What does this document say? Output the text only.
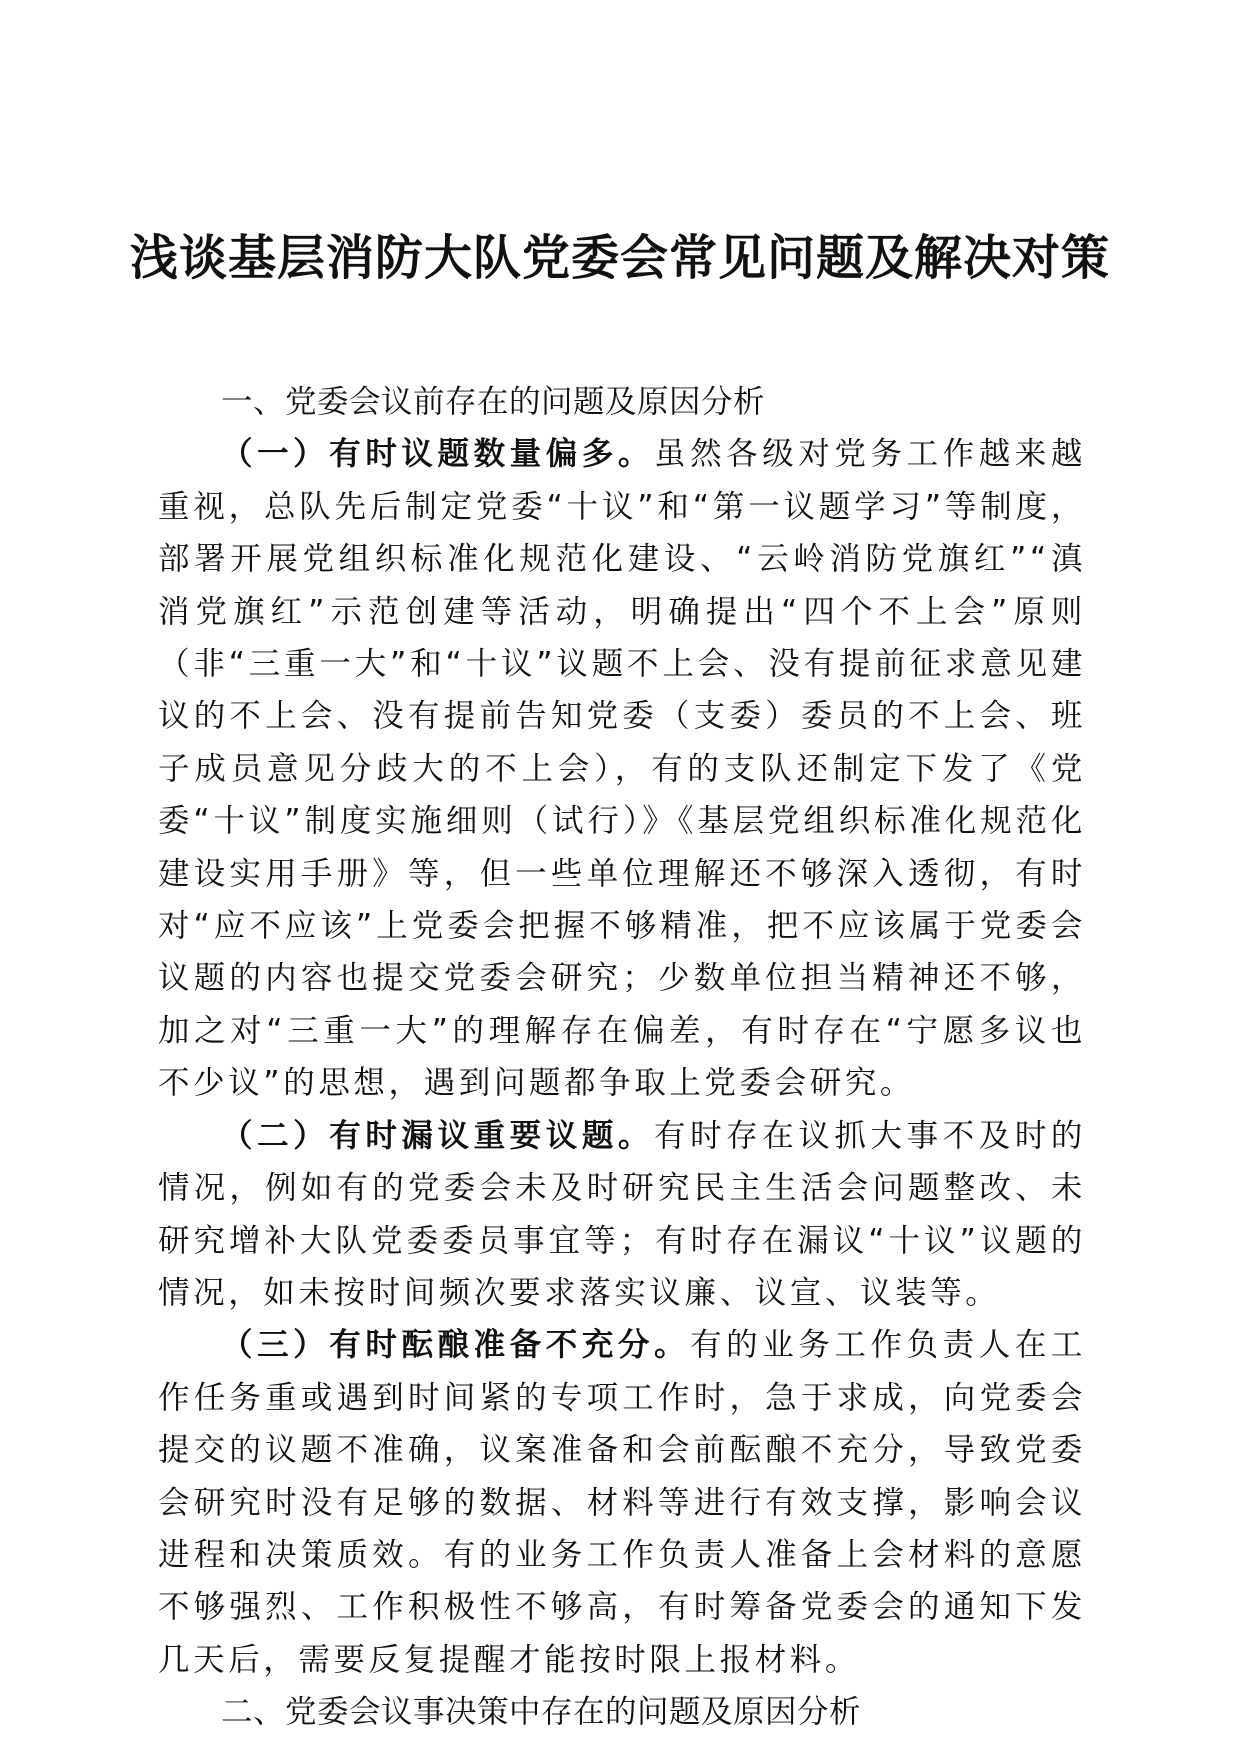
浅谈基层消防大队党委会常见问题及解决对策

一、党委会议前存在的问题及原因分析

（一）有时议题数量偏多。虽然各级对党务工作越来越重视，总队先后制定党委“十议”和“第一议题学习”等制度，部署开展党组织标准化规范化建设、“云岭消防党旗红”“滇消党旗红”示范创建等活动，明确提出“四个不上会”原则（非“三重一大”和“十议”议题不上会、没有提前征求意见建议的不上会、没有提前告知党委（支委）委员的不上会、班子成员意见分歧大的不上会），有的支队还制定下发了《党委“十议”制度实施细则（试行）》《基层党组织标准化规范化建设实用手册》等，但一些单位理解还不够深入透彻，有时对“应不应该”上党委会把握不够精准，把不应该属于党委会议题的内容也提交党委会研究；少数单位担当精神还不够，加之对“三重一大”的理解存在偏差，有时存在“宁愿多议也不少议”的思想，遇到问题都争取上党委会研究。

（二）有时漏议重要议题。有时存在议抓大事不及时的情况，例如有的党委会未及时研究民主生活会问题整改、未研究增补大队党委委员事宜等；有时存在漏议“十议”议题的情况，如未按时间频次要求落实议廉、议宣、议装等。

（三）有时酝酿准备不充分。有的业务工作负责人在工作任务重或遇到时间紧的专项工作时，急于求成，向党委会提交的议题不准确，议案准备和会前酝酿不充分，导致党委会研究时没有足够的数据、材料等进行有效支撑，影响会议进程和决策质效。有的业务工作负责人准备上会材料的意愿不够强烈、工作积极性不够高，有时筹备党委会的通知下发几天后，需要反复提醒才能按时限上报材料。

二、党委会议事决策中存在的问题及原因分析
